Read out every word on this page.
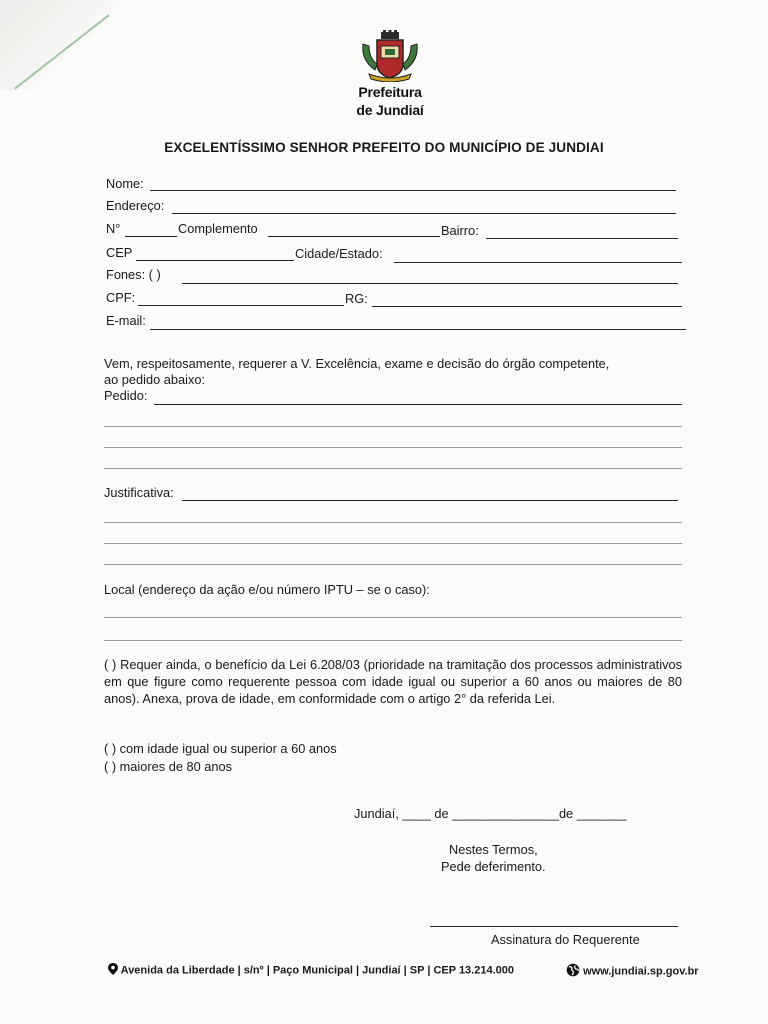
Prefeitura
de Jundiaí
EXCELENTÍSSIMO SENHOR PREFEITO DO MUNICÍPIO DE JUNDIAI
Nome:
Endereço:
N°	Complemento	Bairro:
CEP	Cidade/Estado:
Fones: ( )
CPF:	RG:
E-mail:
Vem, respeitosamente, requerer a V. Excelência, exame e decisão do órgão competente,
ao pedido abaixo:
Pedido:
Justificativa:
Local (endereço da ação e/ou número IPTU – se o caso):
( ) Requer ainda, o benefício da Lei 6.208/03 (prioridade na tramitação dos processos administrativos em que figure como requerente pessoa com idade igual ou superior a 60 anos ou maiores de 80 anos). Anexa, prova de idade, em conformidade com o artigo 2° da referida Lei.
( ) com idade igual ou superior a 60 anos
( ) maiores de 80 anos
Jundiaí, ____ de _______________de _______
Nestes Termos,
Pede deferimento.
Assinatura do Requerente
Avenida da Liberdade | s/nº | Paço Municipal | Jundiaí | SP | CEP 13.214.000	www.jundiai.sp.gov.br
